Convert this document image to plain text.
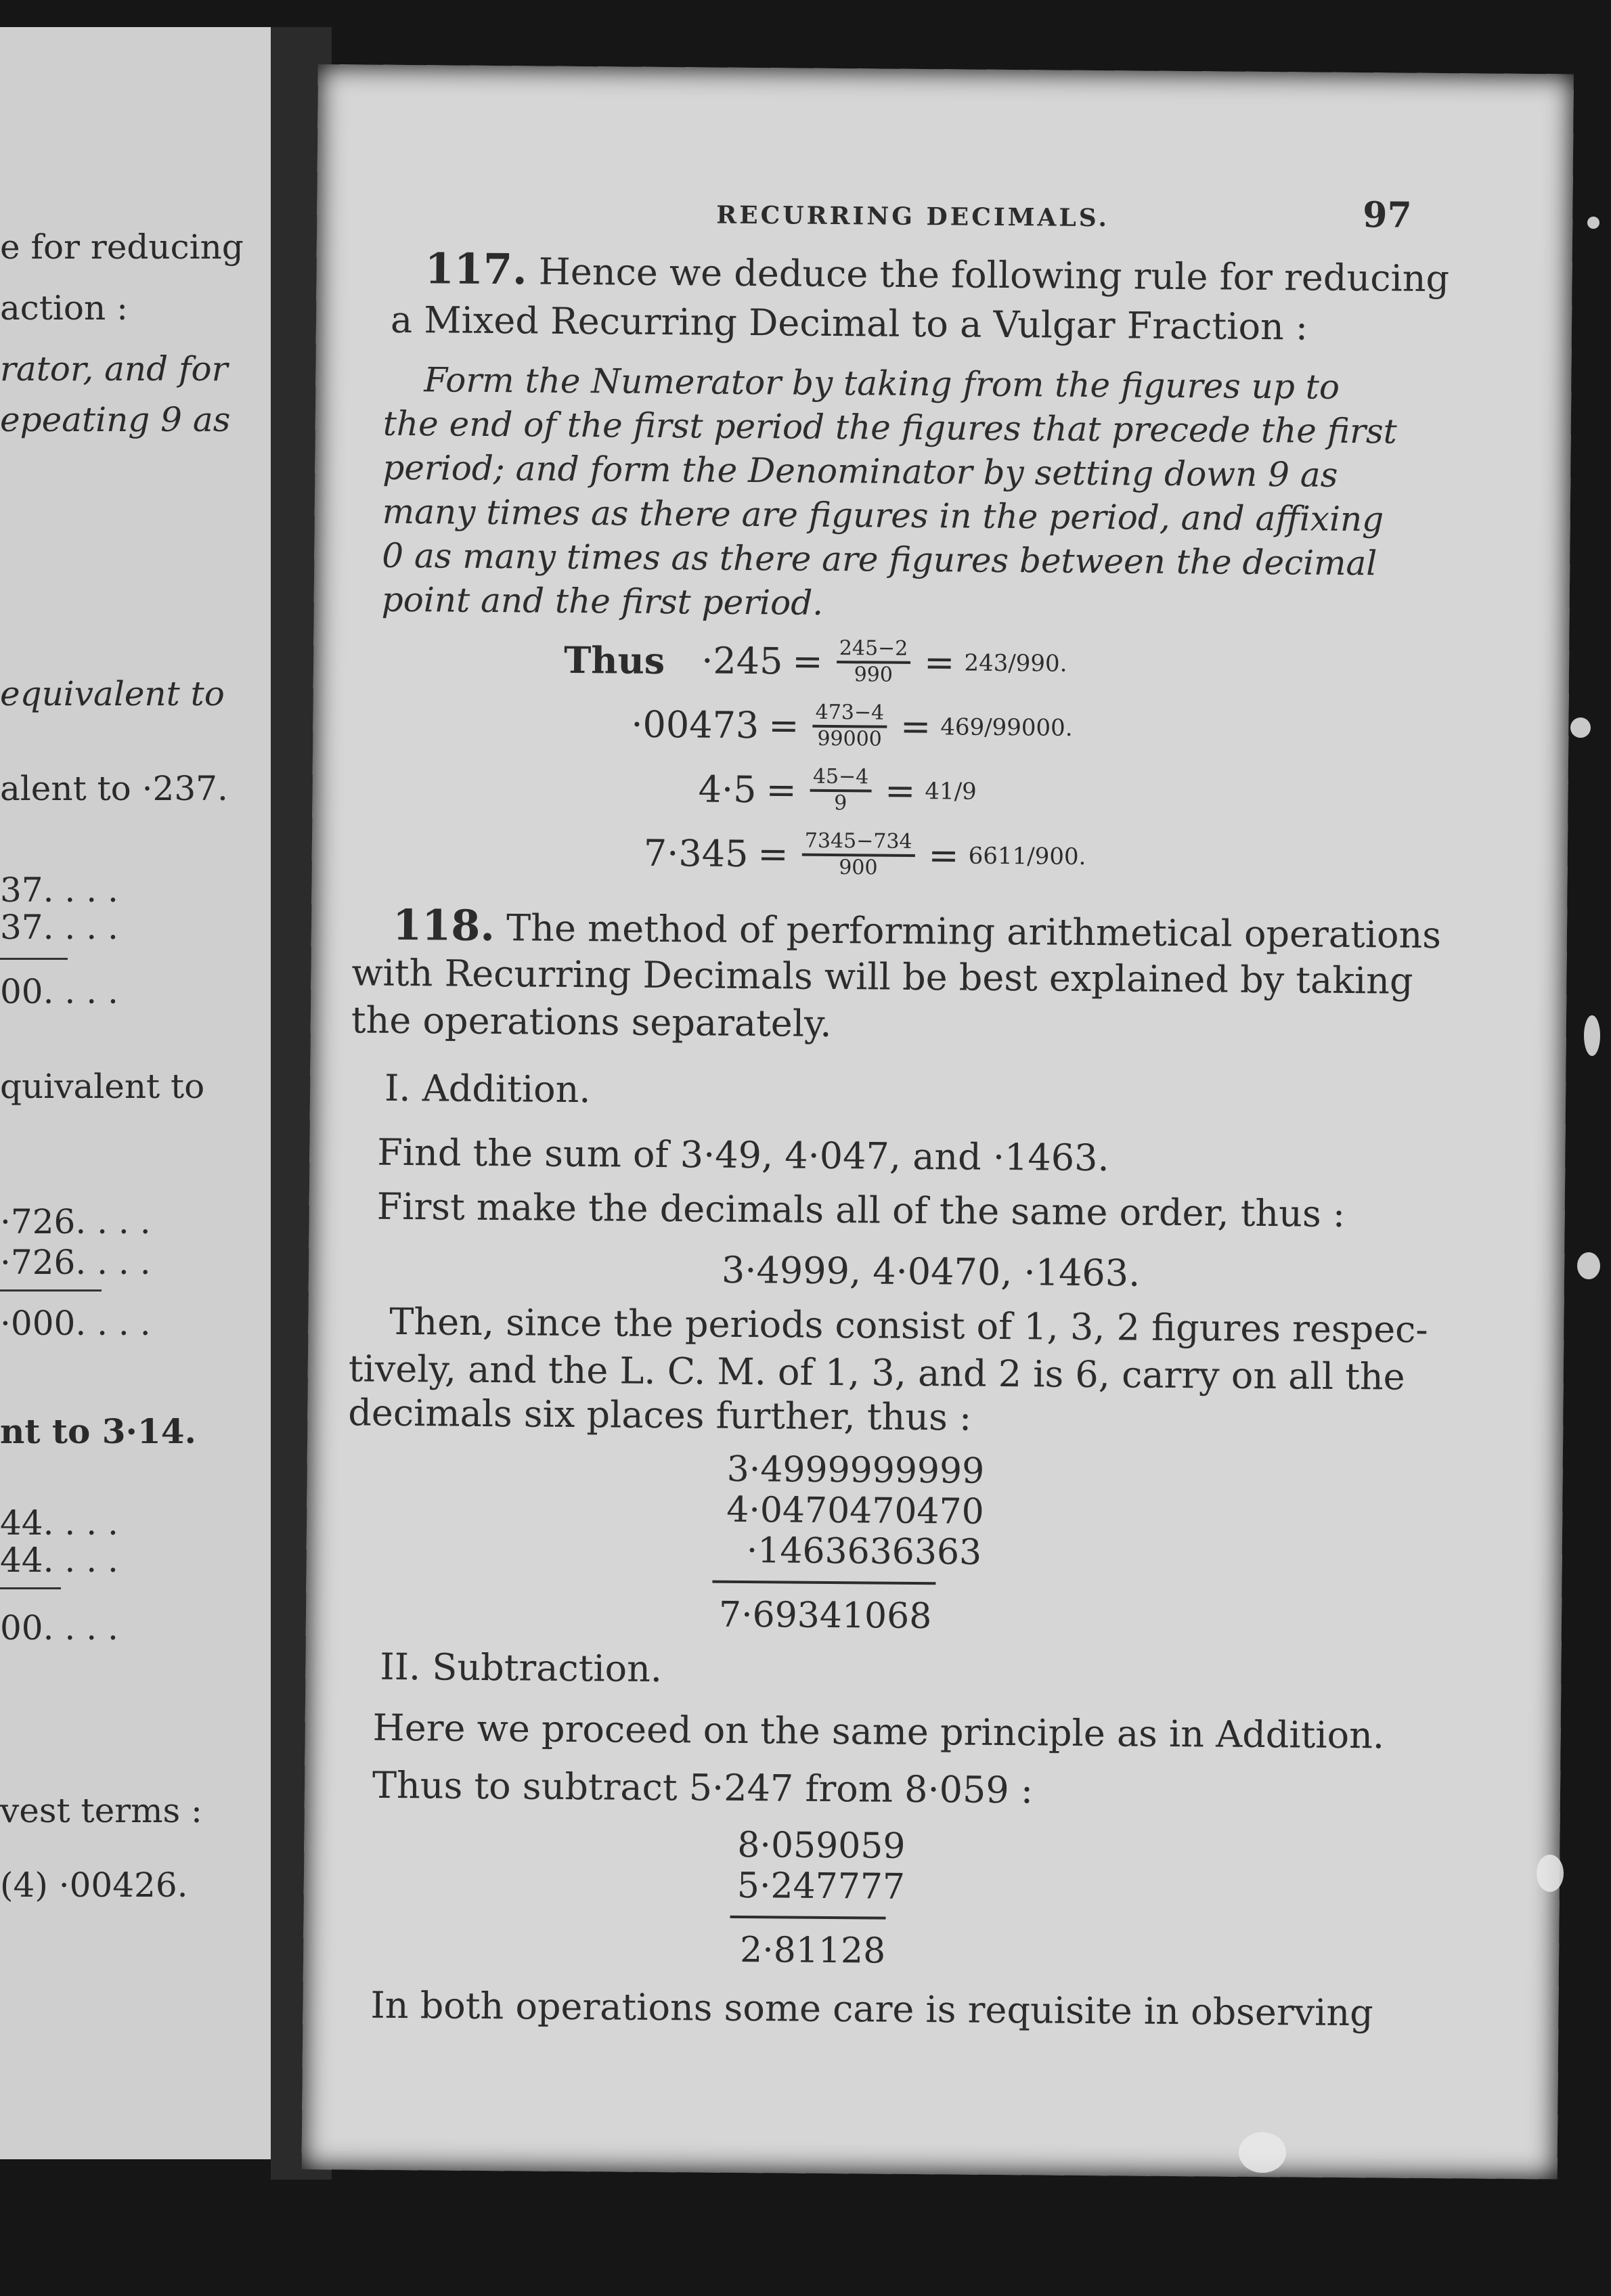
e for reducing
action :
rator, and for
epeating 9 as
equivalent to
alent to ·237.
37. . . .
37. . . .
00. . . .
quivalent to
·726. . . .
·726. . . .
·000. . . .
nt to 3·14.
44. . . .
44. . . .
00. . . .
vest terms :
(4) ·00426.
RECURRING DECIMALS.	97
117. Hence we deduce the following rule for reducing
a Mixed Recurring Decimal to a Vulgar Fraction :
Form the Numerator by taking from the figures up to
the end of the first period the figures that precede the first
period; and form the Denominator by setting down 9 as
many times as there are figures in the period, and affixing
0 as many times as there are figures between the decimal
point and the first period.
Thus $\cdot 245 = \frac{245-2}{990} = 243/990$.
$\cdot 00473 = \frac{473-4}{99000} = 469/99000$.
$4\cdot 5 = \frac{45-4}{9} = 41/9$
$7\cdot 345 = \frac{7345-734}{900} = 6611/900$.
118. The method of performing arithmetical operations
with Recurring Decimals will be best explained by taking
the operations separately.
I. Addition.
Find the sum of 3·49, 4·047, and ·1463.
First make the decimals all of the same order, thus :
3·4999, 4·0470, ·1463.
Then, since the periods consist of 1, 3, 2 figures respec-
tively, and the L. C. M. of 1, 3, and 2 is 6, carry on all the
decimals six places further, thus :
3·4999999999
4·0470470470
·1463636363
7·69341068
II. Subtraction.
Here we proceed on the same principle as in Addition.
Thus to subtract 5·247 from 8·059 :
8·059059
5·247777
2·81128
In both operations some care is requisite in observing
